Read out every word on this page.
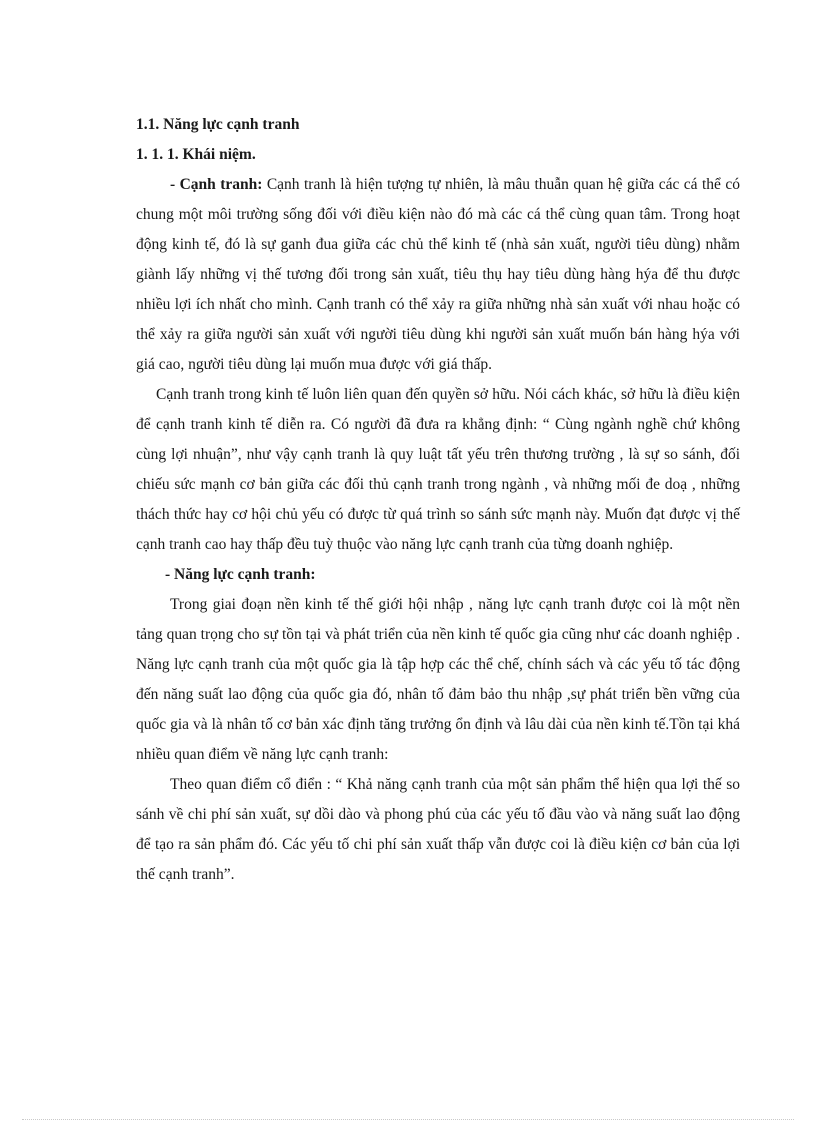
1.1. Năng lực cạnh tranh

1. 1. 1. Khái niệm.

- Cạnh tranh: Cạnh tranh là hiện tượng tự nhiên, là mâu thuẫn quan hệ giữa các cá thể có chung một môi trường sống đối với điều kiện nào đó mà các cá thể cùng quan tâm. Trong hoạt động kinh tế, đó là sự ganh đua giữa các chủ thể kinh tế (nhà sản xuất, người tiêu dùng) nhằm giành lấy những vị thế tương đối trong sản xuất, tiêu thụ hay tiêu dùng hàng hýa để thu được nhiều lợi ích nhất cho mình. Cạnh tranh có thể xảy ra giữa những nhà sản xuất với nhau hoặc có thể xảy ra giữa người sản xuất với người tiêu dùng khi người sản xuất muốn bán hàng hýa với giá cao, người tiêu dùng lại muốn mua được với giá thấp.

Cạnh tranh trong kinh tế luôn liên quan đến quyền sở hữu. Nói cách khác, sở hữu là điều kiện để cạnh tranh kinh tế diễn ra. Có người đã đưa ra khẳng định: “ Cùng ngành nghề chứ không cùng lợi nhuận”, như vậy cạnh tranh là quy luật tất yếu trên thương trường , là sự so sánh, đối chiếu sức mạnh cơ bản giữa các đối thủ cạnh tranh trong ngành , và những mối đe doạ , những thách thức hay cơ hội chủ yếu có được từ quá trình so sánh sức mạnh này. Muốn đạt được vị thế cạnh tranh cao hay thấp đều tuỳ thuộc vào năng lực cạnh tranh của từng doanh nghiệp.

- Năng lực cạnh tranh:

Trong giai đoạn nền kinh tế thế giới hội nhập , năng lực cạnh tranh được coi là một nền tảng quan trọng cho sự tồn tại và phát triển của nền kinh tế quốc gia cũng như các doanh nghiệp . Năng lực cạnh tranh của một quốc gia là tập hợp các thể chế, chính sách và các yếu tố tác động đến năng suất lao động của quốc gia đó, nhân tố đảm bảo thu nhập ,sự phát triển bền vững của quốc gia và là nhân tố cơ bản xác định tăng trưởng ổn định và lâu dài của nền kinh tế.Tồn tại khá nhiều quan điểm về năng lực cạnh tranh:

Theo quan điểm cổ điển : “ Khả năng cạnh tranh của một sản phẩm thể hiện qua lợi thế so sánh về chi phí sản xuất, sự dồi dào và phong phú của các yếu tố đầu vào và năng suất lao động để tạo ra sản phẩm đó. Các yếu tố chi phí sản xuất thấp vẫn được coi là điều kiện cơ bản của lợi thế cạnh tranh”.
